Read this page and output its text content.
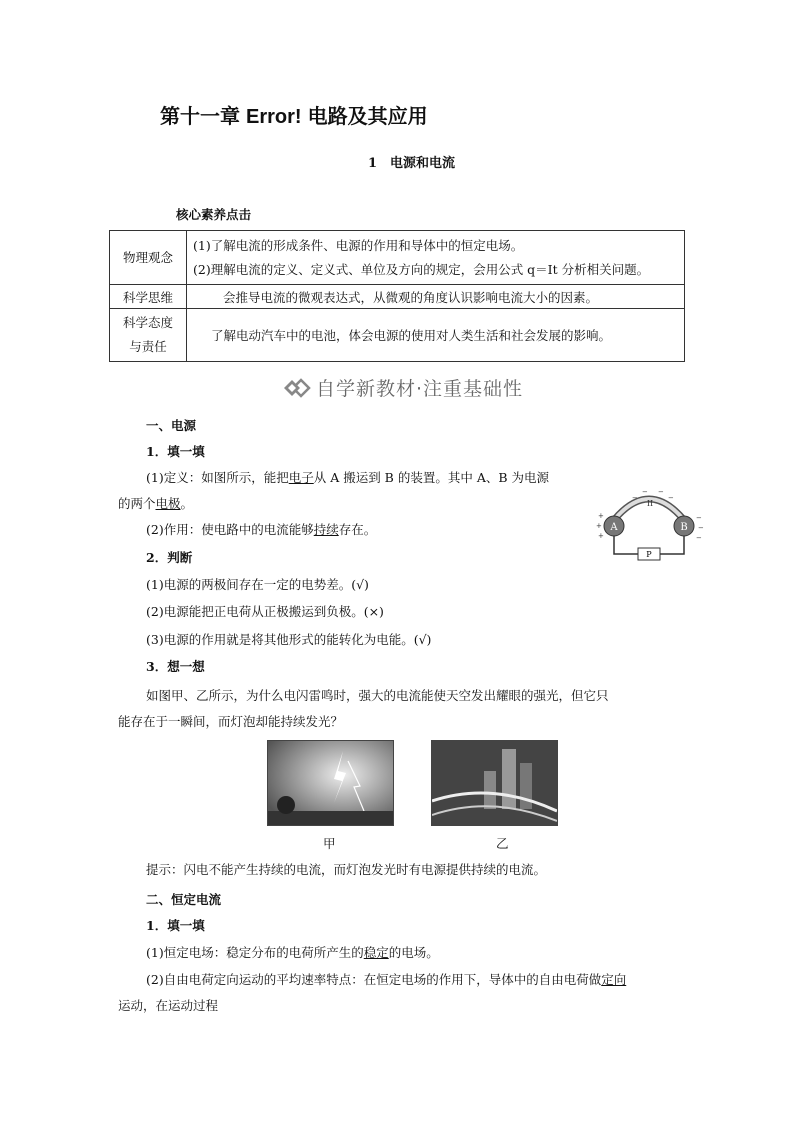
第十一章 Error! 电路及其应用
1　电源和电流
核心素养点击
物理观念	(1)了解电流的形成条件、电源的作用和导体中的恒定电场。
(2)理解电流的定义、定义式、单位及方向的规定，会用公式 q＝It 分析相关问题。

科学思维	会推导电流的微观表达式，从微观的角度认识影响电流大小的因素。

科学态度
与责任	了解电动汽车中的电池，体会电源的使用对人类生活和社会发展的影响。
自学新教材·注重基础性
一、电源
1．填一填
(1)定义：如图所示，能把电子从 A 搬运到 B 的装置。其中 A、B 为电源
的两个电极。
(2)作用：使电路中的电流能够持续存在。
2．判断
(1)电源的两极间存在一定的电势差。(√)
(2)电源能把正电荷从正极搬运到负极。(×)
(3)电源的作用就是将其他形式的能转化为电能。(√)
3．想一想
如图甲、乙所示，为什么电闪雷鸣时，强大的电流能使天空发出耀眼的强光，但它只
能存在于一瞬间，而灯泡却能持续发光？
II
A	B
P
+
+
+
−
−
−
−
− −
−
甲	乙
提示：闪电不能产生持续的电流，而灯泡发光时有电源提供持续的电流。
二、恒定电流
1．填一填
(1)恒定电场：稳定分布的电荷所产生的稳定的电场。
(2)自由电荷定向运动的平均速率特点：在恒定电场的作用下，导体中的自由电荷做定向
运动，在运动过程
